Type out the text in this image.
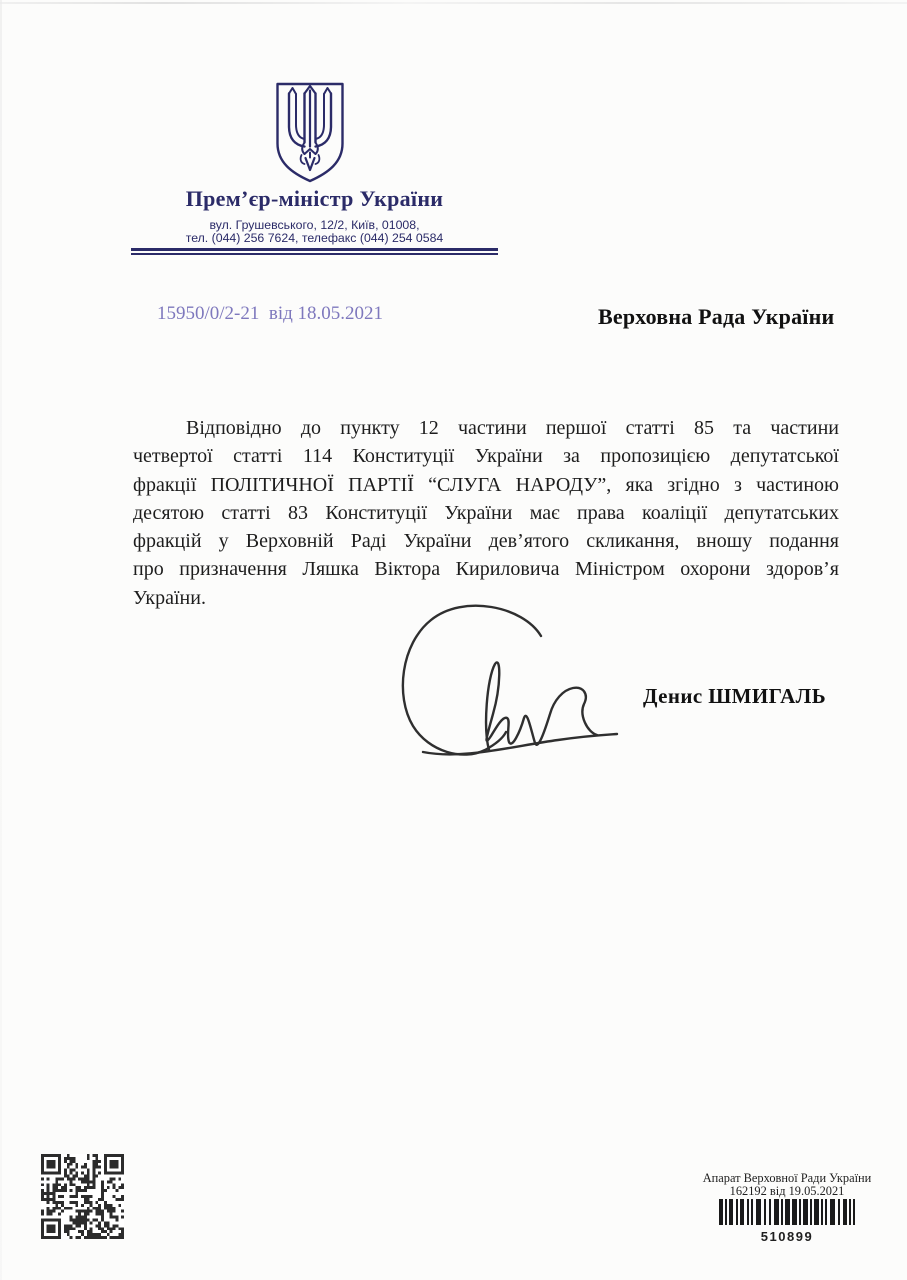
Прем’єр-міністр України
вул. Грушевського, 12/2, Київ, 01008,
тел. (044) 256 7624, телефакс (044) 254 0584
15950/0/2-21  від 18.05.2021	Верховна Рада України
Відповідно до пункту 12 частини першої статті 85 та частини
четвертої статті 114 Конституції України за пропозицією депутатської
фракції ПОЛІТИЧНОЇ ПАРТІЇ “СЛУГА НАРОДУ”, яка згідно з частиною
десятою статті 83 Конституції України має права коаліції депутатських
фракцій у Верховній Раді України дев’ятого скликання, вношу подання
про призначення Ляшка Віктора Кириловича Міністром охорони здоров’я
України.
Денис ШМИГАЛЬ
Апарат Верховної Ради України
162192 від 19.05.2021
510899
